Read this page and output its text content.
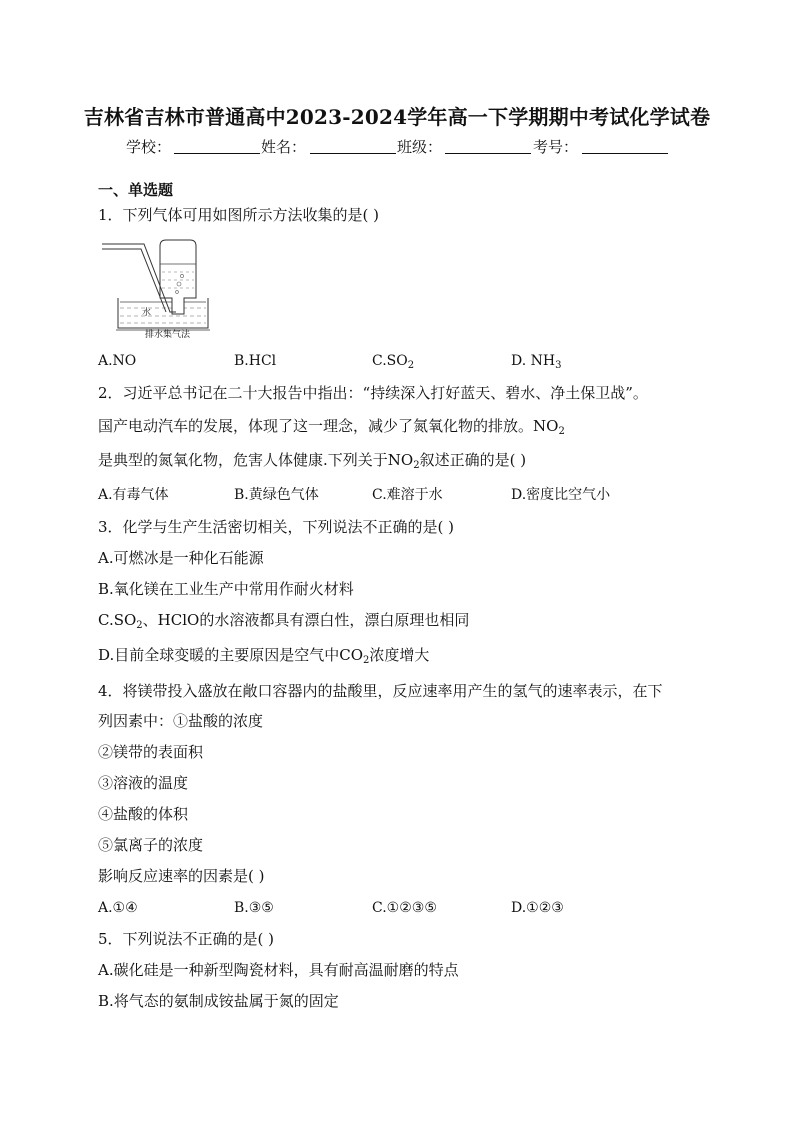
吉林省吉林市普通高中2023-2024学年高一下学期期中考试化学试卷
学校：	姓名：	班级：	考号：
一、单选题
1．下列气体可用如图所示方法收集的是( )
水
排水集气法
A.NO	B.HCl	$C.SO_2$	D. $NH_3$
2．习近平总书记在二十大报告中指出：“持续深入打好蓝天、碧水、净土保卫战”。
国产电动汽车的发展，体现了这一理念，减少了氮氧化物的排放。$NO_2$
是典型的氮氧化物，危害人体健康.下列关于$NO_2$叙述正确的是( )
A.有毒气体	B.黄绿色气体	C.难溶于水	D.密度比空气小
3．化学与生产生活密切相关，下列说法不正确的是( )
A.可燃冰是一种化石能源
B.氧化镁在工业生产中常用作耐火材料
$C.SO_2$、HClO的水溶液都具有漂白性，漂白原理也相同
D.目前全球变暖的主要原因是空气中$CO_2$浓度增大
4．将镁带投入盛放在敞口容器内的盐酸里，反应速率用产生的氢气的速率表示，在下
列因素中：①盐酸的浓度
②镁带的表面积
③溶液的温度
④盐酸的体积
⑤氯离子的浓度
影响反应速率的因素是( )
A.①④	B.③⑤	C.①②③⑤	D.①②③
5．下列说法不正确的是( )
A.碳化硅是一种新型陶瓷材料，具有耐高温耐磨的特点
B.将气态的氨制成铵盐属于氮的固定
